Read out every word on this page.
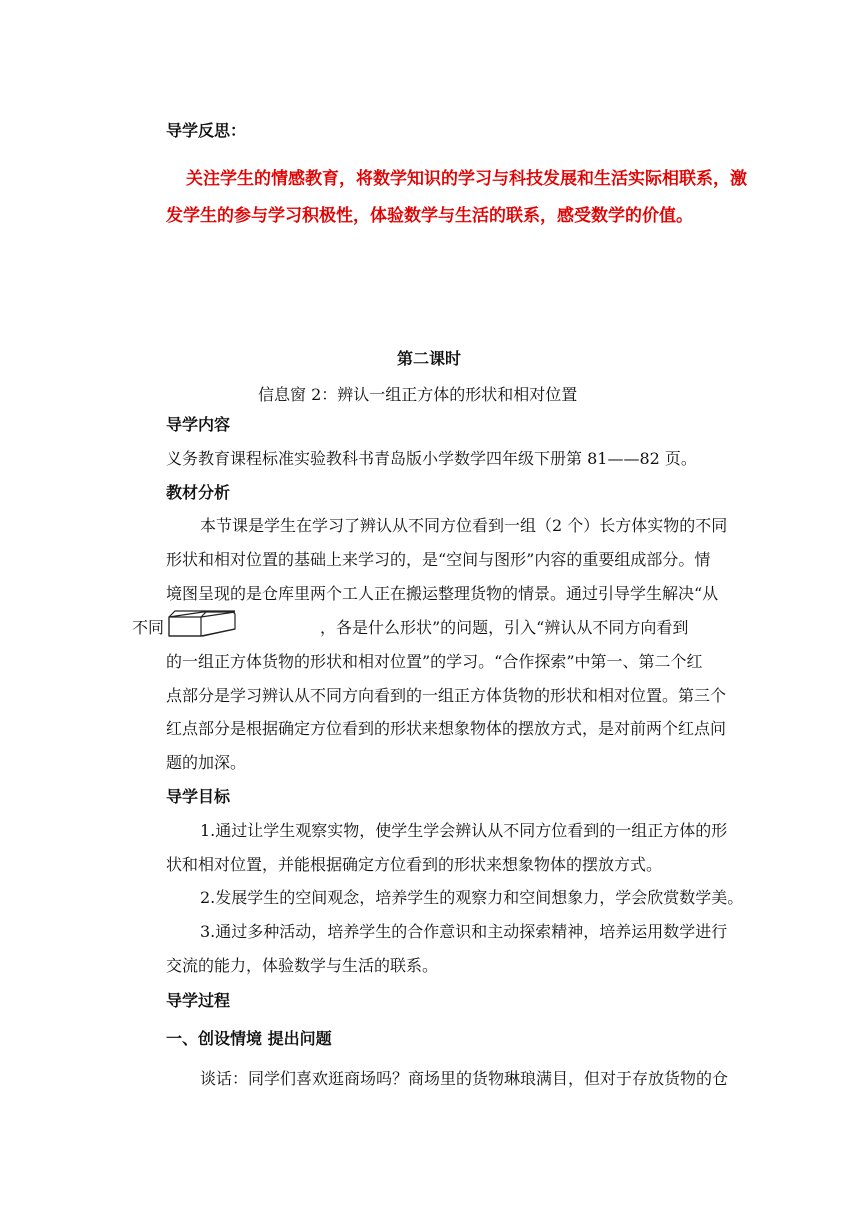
导学反思：
关注学生的情感教育，将数学知识的学习与科技发展和生活实际相联系，激
发学生的参与学习积极性，体验数学与生活的联系，感受数学的价值。
第二课时
信息窗 2：辨认一组正方体的形状和相对位置
导学内容
义务教育课程标准实验教科书青岛版小学数学四年级下册第 81——82 页。
教材分析
本节课是学生在学习了辨认从不同方位看到一组（2 个）长方体实物的不同
形状和相对位置的基础上来学习的，是“空间与图形”内容的重要组成部分。情
境图呈现的是仓库里两个工人正在搬运整理货物的情景。通过引导学生解决“从
不同	，各是什么形状”的问题，引入“辨认从不同方向看到
的一组正方体货物的形状和相对位置”的学习。“合作探索”中第一、第二个红
点部分是学习辨认从不同方向看到的一组正方体货物的形状和相对位置。第三个
红点部分是根据确定方位看到的形状来想象物体的摆放方式，是对前两个红点问
题的加深。
导学目标
1.通过让学生观察实物，使学生学会辨认从不同方位看到的一组正方体的形
状和相对位置，并能根据确定方位看到的形状来想象物体的摆放方式。
2.发展学生的空间观念，培养学生的观察力和空间想象力，学会欣赏数学美。
3.通过多种活动，培养学生的合作意识和主动探索精神，培养运用数学进行
交流的能力，体验数学与生活的联系。
导学过程
一、创设情境 提出问题
谈话：同学们喜欢逛商场吗？商场里的货物琳琅满目，但对于存放货物的仓
